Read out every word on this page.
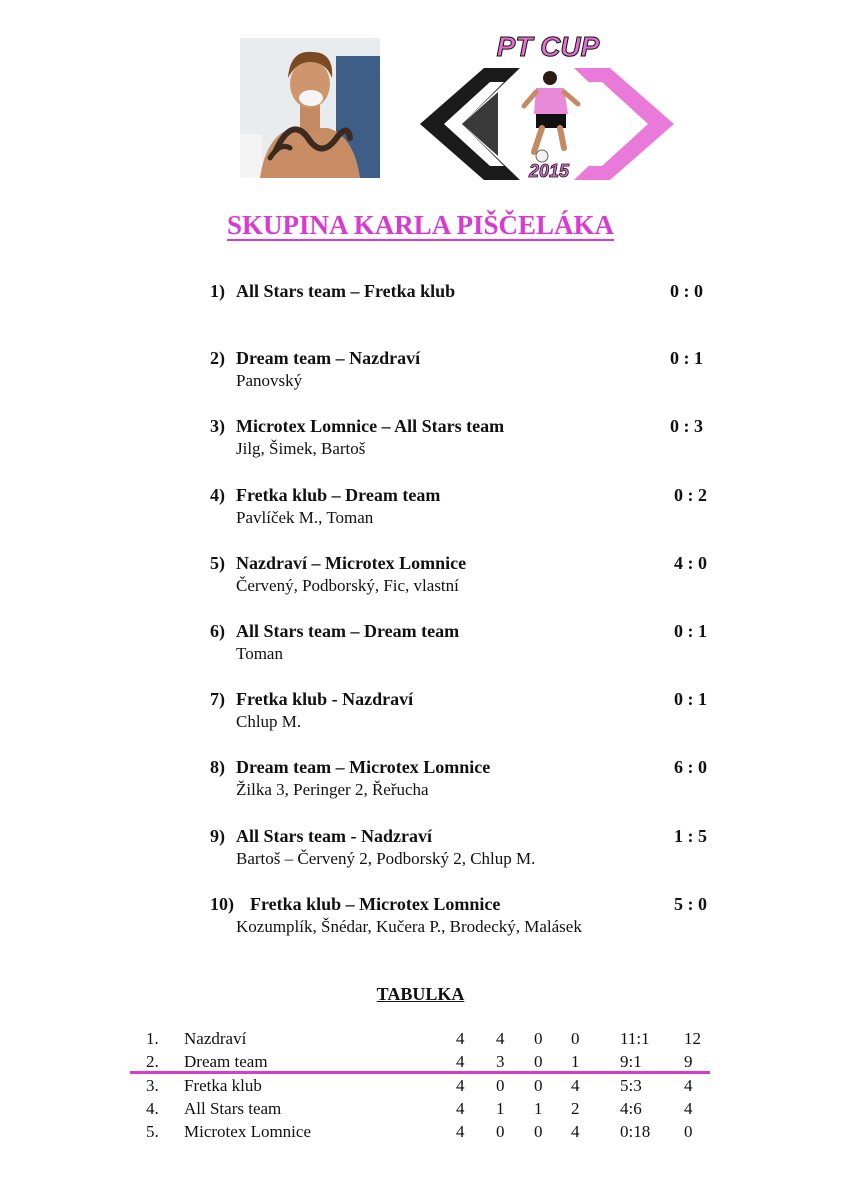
PT CUP
2015
SKUPINA KARLA PIŠČELÁKA
1) All Stars team – Fretka klub	0 : 0
2) Dream team – Nazdraví	0 : 1
Panovský
3) Microtex Lomnice – All Stars team	0 : 3
Jilg, Šimek, Bartoš
4) Fretka klub – Dream team	0 : 2
Pavlíček M., Toman
5) Nazdraví – Microtex Lomnice	4 : 0
Červený, Podborský, Fic, vlastní
6) All Stars team – Dream team	0 : 1
Toman
7) Fretka klub - Nazdraví	0 : 1
Chlup M.
8) Dream team – Microtex Lomnice	6 : 0
Žilka 3, Peringer 2, Řeřucha
9) All Stars team - Nadzraví	1 : 5
Bartoš – Červený 2, Podborský 2, Chlup M.
10) Fretka klub – Microtex Lomnice	5 : 0
Kozumplík, Šnédar, Kučera P., Brodecký, Malásek
TABULKA
1. Nazdraví	4 4 0 0 11:1 12
2. Dream team	4 3 0 1 9:1 9
3. Fretka klub	4 0 0 4 5:3 4
4. All Stars team	4 1 1 2 4:6 4
5. Microtex Lomnice	4 0 0 4 0:18 0
